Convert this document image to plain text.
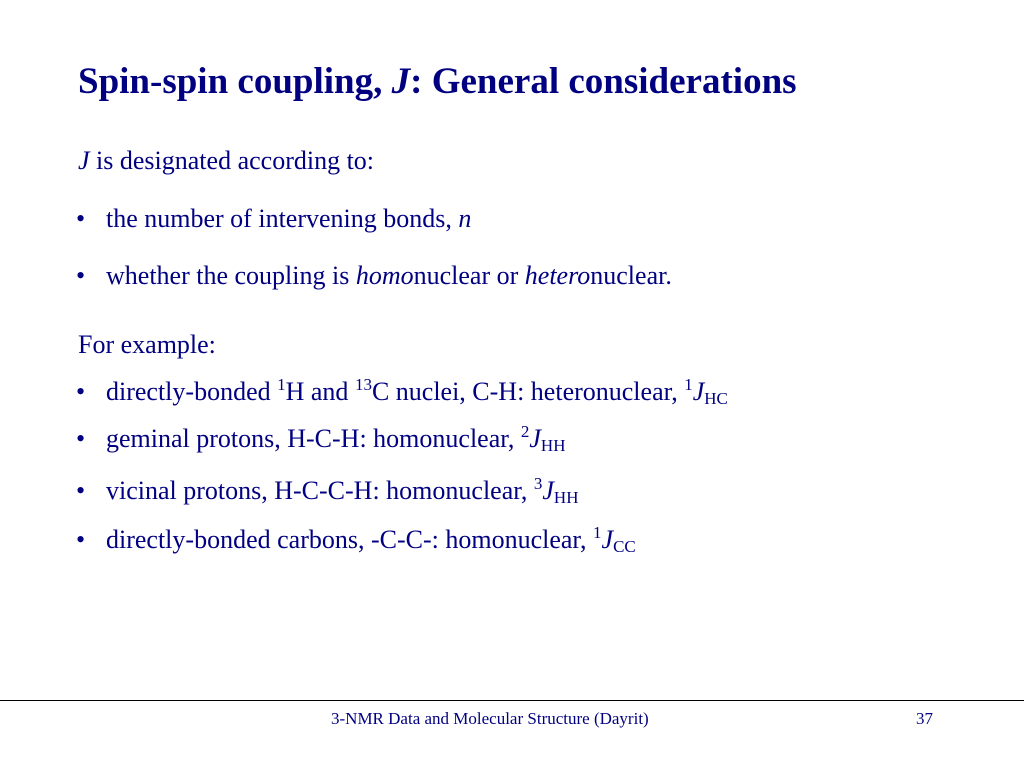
Spin-spin coupling, J: General considerations
J is designated according to:
• the number of intervening bonds, n
• whether the coupling is homonuclear or heteronuclear.
For example:
• directly-bonded $^1$H and $^{13}$C nuclei, C-H: heteronuclear, $^1J_{HC}$
• geminal protons, H-C-H: homonuclear, $^2J_{HH}$
• vicinal protons, H-C-C-H: homonuclear, $^3J_{HH}$
• directly-bonded carbons, -C-C-: homonuclear, $^1J_{CC}$
3-NMR Data and Molecular Structure (Dayrit)	37
